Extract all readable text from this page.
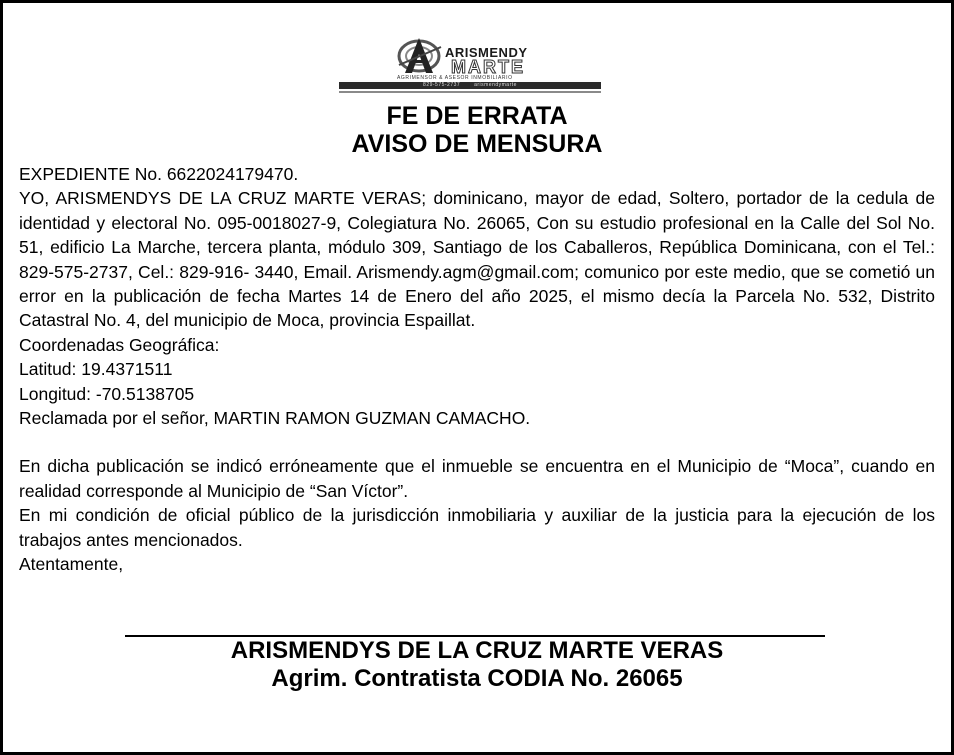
ARISMENDY
MARTE
AGRIMENSOR & ASESOR INMOBILIARIO
829-575-2737	arismendymarte
FE DE ERRATA
AVISO DE MENSURA

EXPEDIENTE No. 6622024179470.

YO, ARISMENDYS DE LA CRUZ MARTE VERAS; dominicano, mayor de edad, Soltero, portador de la cedula de identidad y electoral No. 095-0018027-9, Colegiatura No. 26065, Con su estudio profesional en la Calle del Sol No. 51, edificio La Marche, tercera planta, módulo 309, Santiago de los Caballeros, República Dominicana, con el Tel.: 829-575-2737, Cel.: 829-916- 3440, Email. Arismendy.agm@gmail.com; comunico por este medio, que se cometió un error en la publicación de fecha Martes 14 de Enero del año 2025, el mismo decía la Parcela No. 532, Distrito Catastral No. 4, del municipio de Moca, provincia Espaillat.

Coordenadas Geográfica:

Latitud: 19.4371511

Longitud: -70.5138705

Reclamada por el señor, MARTIN RAMON GUZMAN CAMACHO.

En dicha publicación se indicó erróneamente que el inmueble se encuentra en el Municipio de “Moca”, cuando en realidad corresponde al Municipio de “San Víctor”.

En mi condición de oficial público de la jurisdicción inmobiliaria y auxiliar de la justicia para la ejecución de los trabajos antes mencionados.

Atentamente,

ARISMENDYS DE LA CRUZ MARTE VERAS
Agrim. Contratista CODIA No. 26065
